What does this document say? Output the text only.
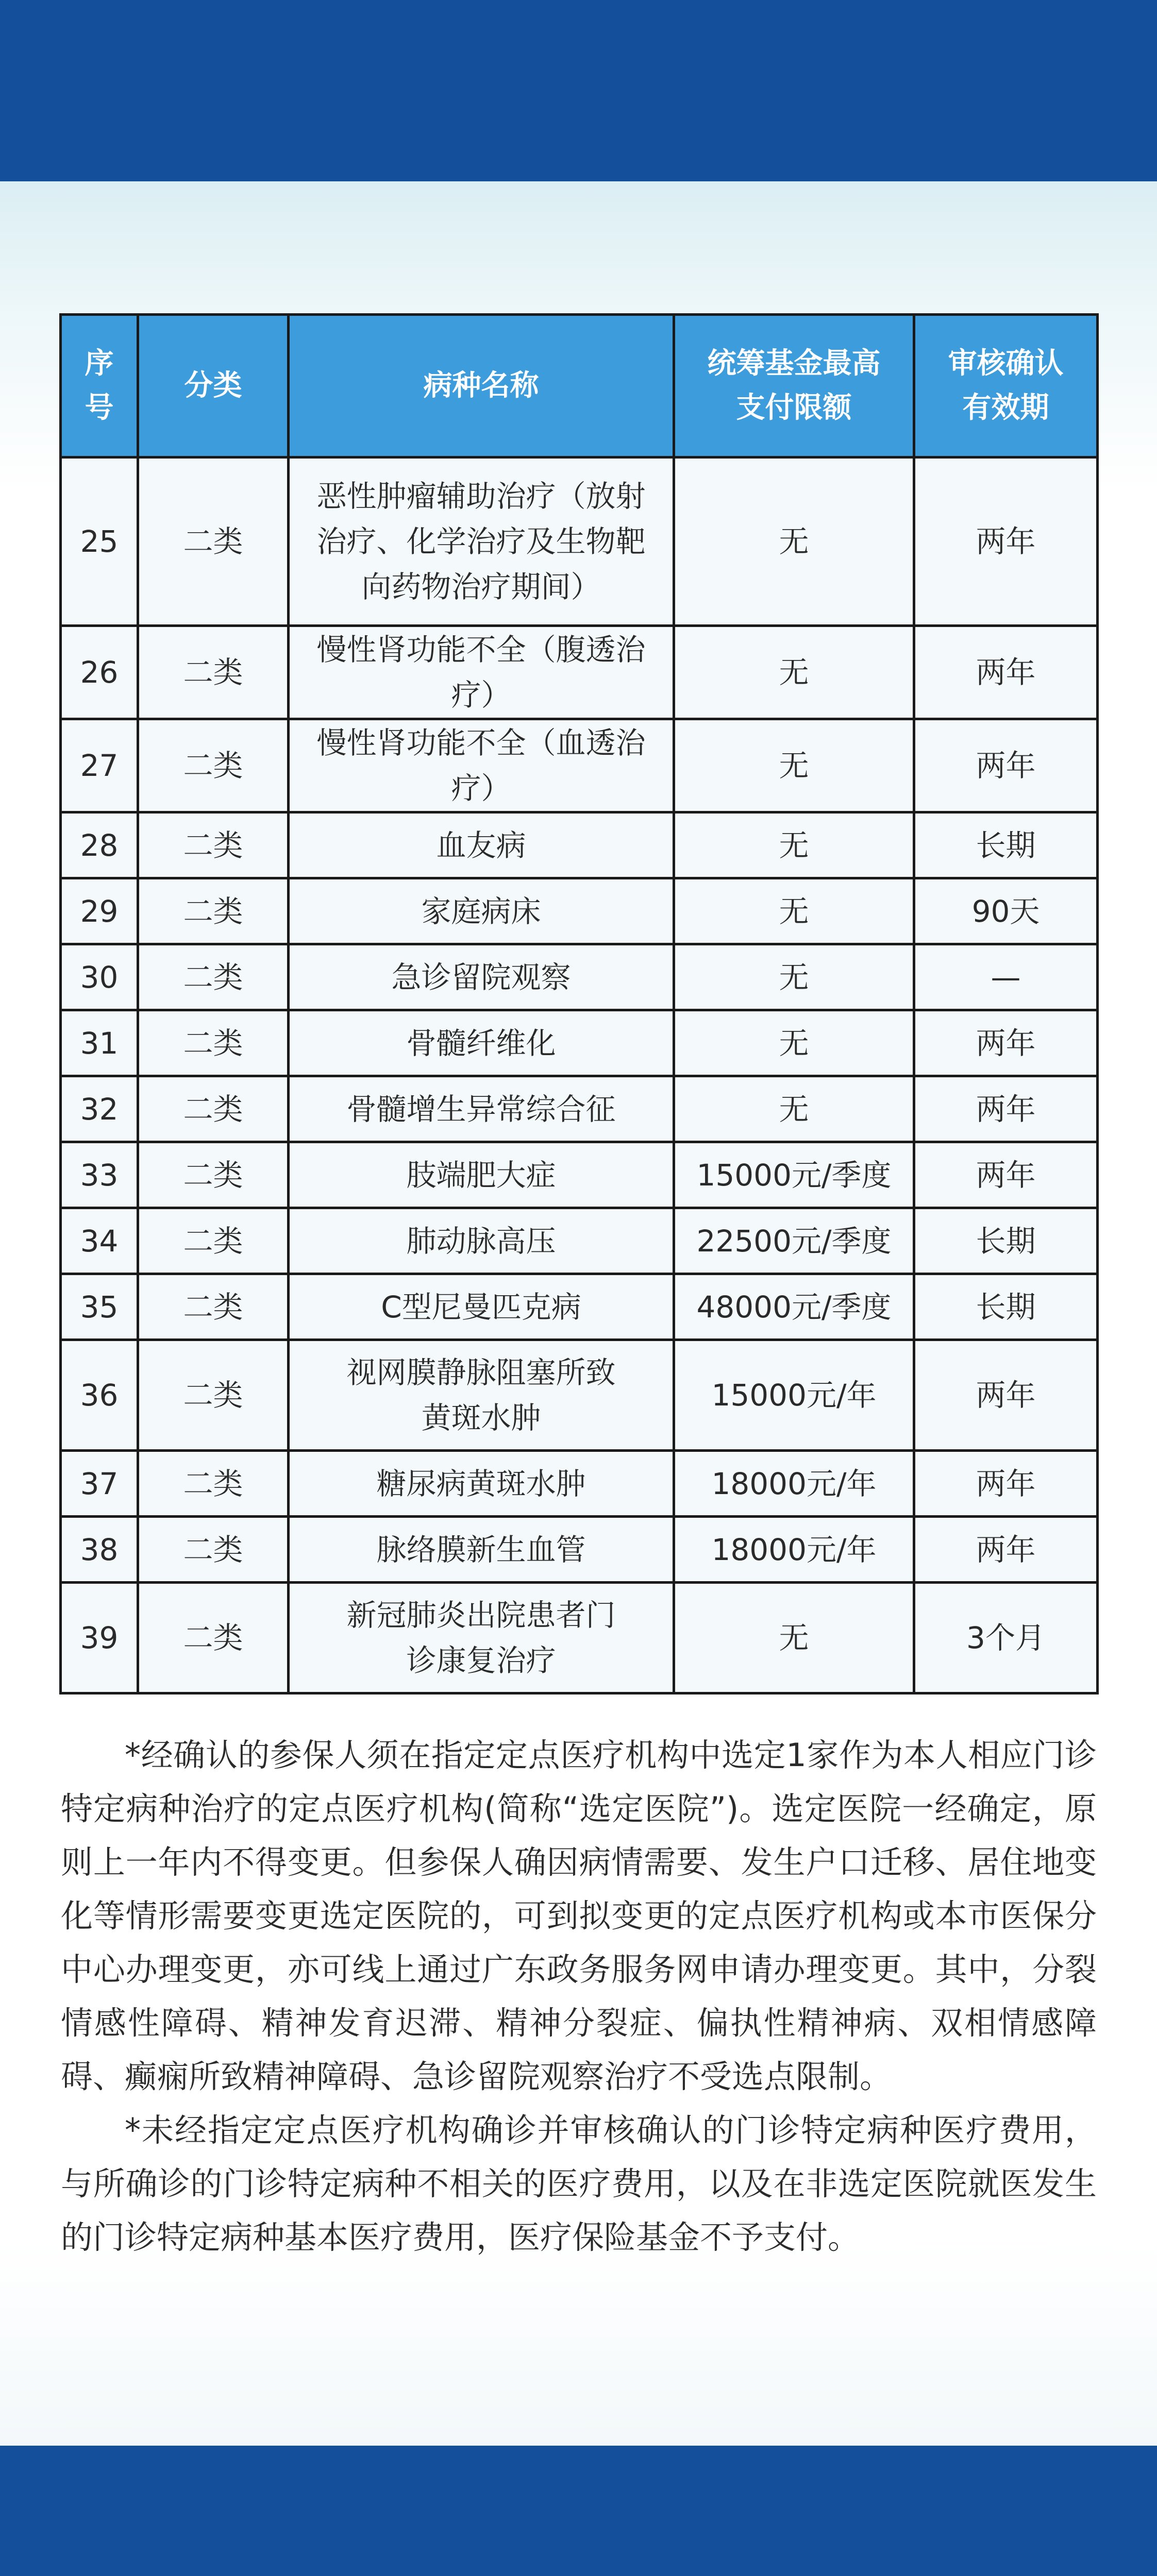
序号	分类	病种名称	统筹基金最高支付限额	审核确认有效期
25	二类	恶性肿瘤辅助治疗（放射治疗、化学治疗及生物靶向药物治疗期间）	无	两年
26	二类	慢性肾功能不全（腹透治疗）	无	两年
27	二类	慢性肾功能不全（血透治疗）	无	两年
28	二类	血友病	无	长期
29	二类	家庭病床	无	90天
30	二类	急诊留院观察	无	—
31	二类	骨髓纤维化	无	两年
32	二类	骨髓增生异常综合征	无	两年
33	二类	肢端肥大症	15000元/季度	两年
34	二类	肺动脉高压	22500元/季度	长期
35	二类	C型尼曼匹克病	48000元/季度	长期
36	二类	视网膜静脉阻塞所致黄斑水肿	15000元/年	两年
37	二类	糖尿病黄斑水肿	18000元/年	两年
38	二类	脉络膜新生血管	18000元/年	两年
39	二类	新冠肺炎出院患者门诊康复治疗	无	3个月

*经确认的参保人须在指定定点医疗机构中选定1家作为本人相应门诊特定病种治疗的定点医疗机构(简称“选定医院”)。选定医院一经确定，原则上一年内不得变更。但参保人确因病情需要、发生户口迁移、居住地变化等情形需要变更选定医院的，可到拟变更的定点医疗机构或本市医保分中心办理变更，亦可线上通过广东政务服务网申请办理变更。其中，分裂情感性障碍、精神发育迟滞、精神分裂症、偏执性精神病、双相情感障碍、癫痫所致精神障碍、急诊留院观察治疗不受选点限制。

*未经指定定点医疗机构确诊并审核确认的门诊特定病种医疗费用，与所确诊的门诊特定病种不相关的医疗费用，以及在非选定医院就医发生的门诊特定病种基本医疗费用，医疗保险基金不予支付。
